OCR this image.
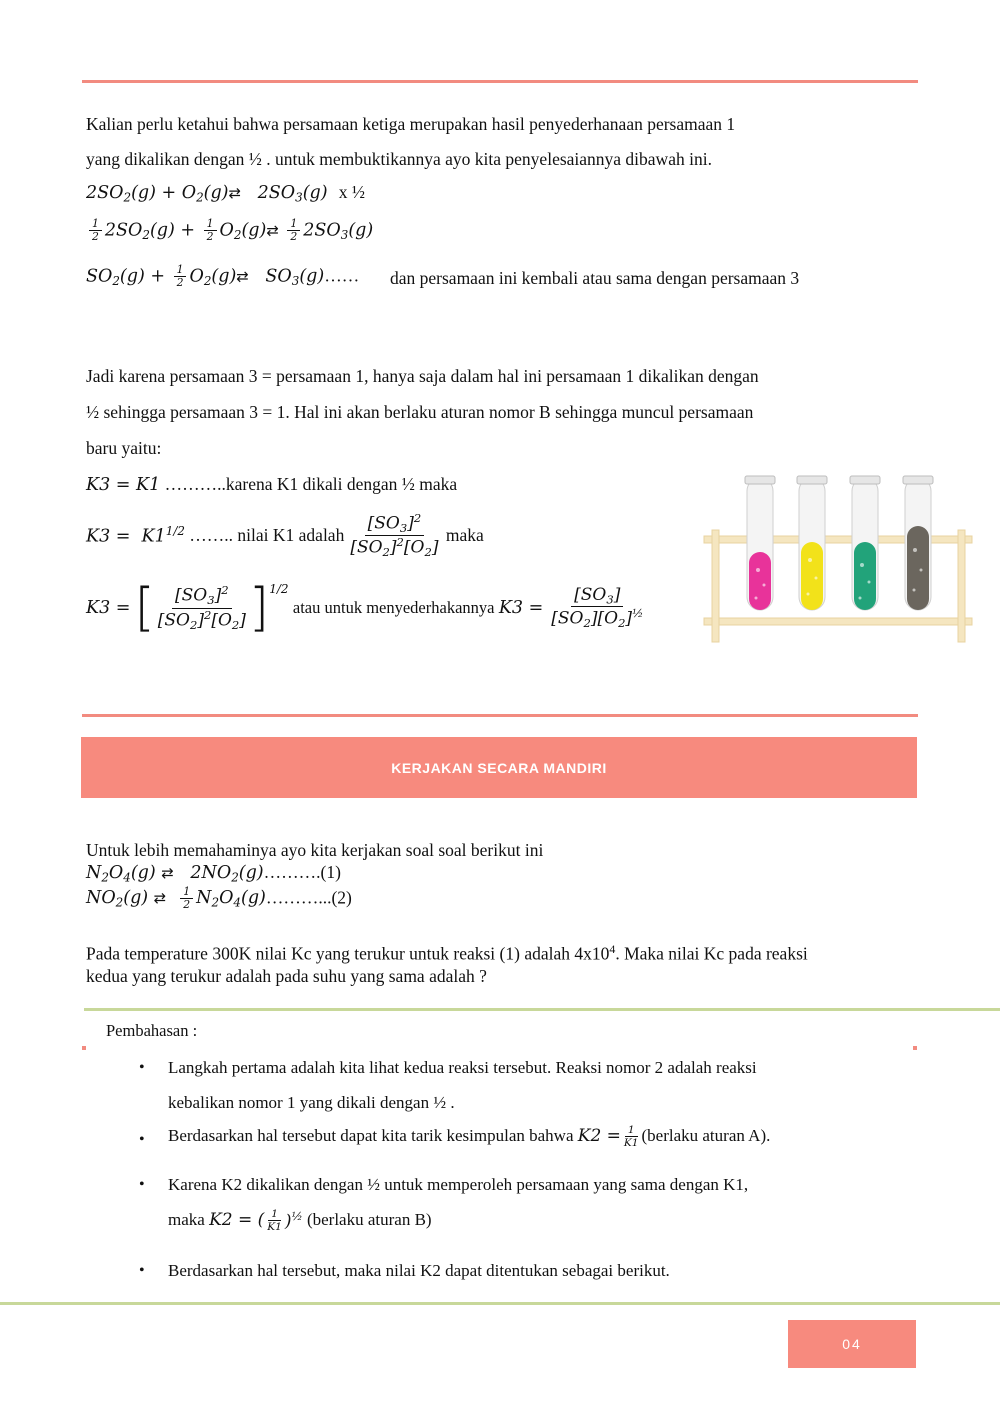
Kalian perlu ketahui bahwa persamaan ketiga merupakan hasil penyederhanaan persamaan 1
yang dikalikan dengan ½ . untuk membuktikannya ayo kita penyelesaiannya dibawah ini.
$2SO_2(g)$ + $O_2(g)⇄$   $2SO_3(g)$  x ½
$\frac{1}{2} 2SO_2(g) + \frac{1}{2}$ $O_2(g)⇄ \frac{1}{2} 2SO_3(g)$
$SO_2(g) + \frac{1}{2}$ $O_2(g)⇄$   $SO_3(g)\dots\dots$ dan persamaan ini kembali atau sama dengan persamaan 3
Jadi karena persamaan 3 = persamaan 1, hanya saja dalam hal ini persamaan 1 dikalikan dengan
½ sehingga persamaan 3 = 1. Hal ini akan berlaku aturan nomor B sehingga muncul persamaan
baru yaitu:
K3 = K1 ………..karena K1 dikali dengan ½ maka
$K3 = K1^{1/2}$
…….. nilai K1 adalah $\frac{[SO_3]^2}{[SO_2]^2[O_2]}$
maka
K3 = [ $\frac{[SO_3]^2}{[SO_2]^2[O_2]}$ ] 1/2

atau untuk menyederhakannya
$K3 = \frac{[SO_3]}{[SO_2][O_2]^{\frac{1}{2}}}$
KERJAKAN SECARA MANDIRI
Untuk lebih memahaminya ayo kita kerjakan soal soal berikut ini
$N_2O_4(g)$ ⇄   $2NO_2(g)\dots\dots\dots.(1)$
$NO_2(g)$ ⇄ $\frac{1}{2}$ $N_2O_4(g)\dots\dots\dots...(2)$
Pada temperature 300K nilai Kc yang terukur untuk reaksi (1) adalah $4x10^4$. Maka nilai Kc pada reaksi
kedua yang terukur adalah pada suhu yang sama adalah ?
Pembahasan :
• Langkah pertama adalah kita lihat kedua reaksi tersebut. Reaksi nomor 2 adalah reaksi
kebalikan nomor 1 yang dikali dengan ½ .
• Berdasarkan hal tersebut dapat kita tarik kesimpulan bahwa
$K2 = \frac{1}{K1}$ (berlaku aturan A).
• Karena K2 dikalikan dengan ½ untuk memperoleh persamaan yang sama dengan K1,
maka
K2 = ( $\frac{1}{K1} )^{\frac{1}{2}}$
(berlaku aturan B)
• Berdasarkan hal tersebut, maka nilai K2 dapat ditentukan sebagai berikut.
04
